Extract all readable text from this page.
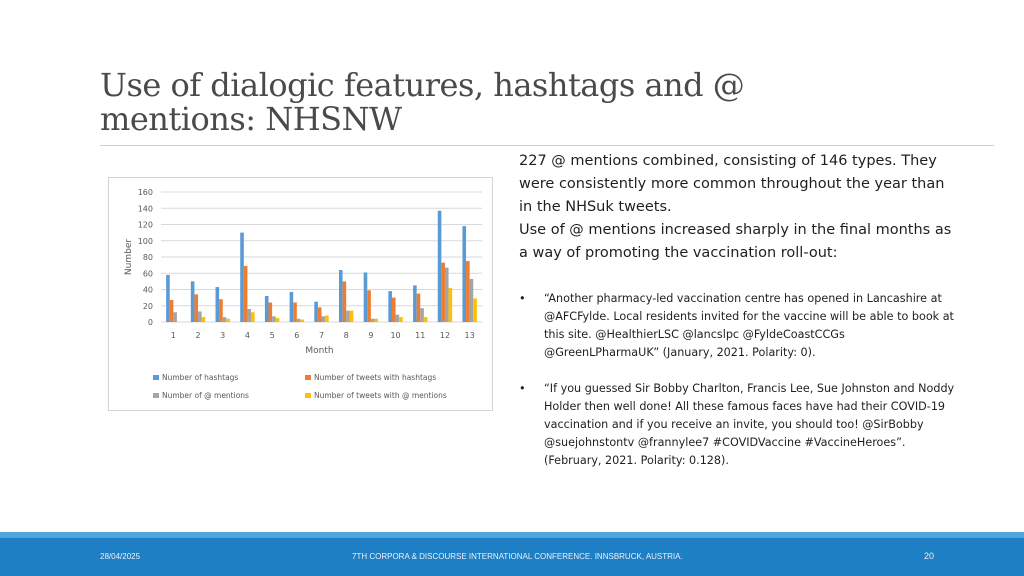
Use of dialogic features, hashtags and @ mentions: NHSNW
0
20
40
60
80
100
120
140
160
1 2 3 4 5 6 7 8 9 10 11 12 13
Month
Number
Number of hashtags	Number of tweets with hashtags
Number of @ mentions	Number of tweets with @ mentions

227 @ mentions combined, consisting of 146 types. They were consistently more common throughout the year than in the NHSuk tweets.

Use of @ mentions increased sharply in the final months as a way of promoting the vaccination roll-out:

• “Another pharmacy-led vaccination centre has opened in Lancashire at @AFCFylde. Local residents invited for the vaccine will be able to book at this site. @HealthierLSC @lancslpc @FyldeCoastCCGs @GreenLPharmaUK” (January, 2021. Polarity: 0).
• “If you guessed Sir Bobby Charlton, Francis Lee, Sue Johnston and Noddy Holder then well done! All these famous faces have had their COVID-19 vaccination and if you receive an invite, you should too! @SirBobby @suejohnstontv @frannylee7 #COVIDVaccine #VaccineHeroes”. (February, 2021. Polarity: 0.128).
28/04/2025	7TH CORPORA & DISCOURSE INTERNATIONAL CONFERENCE. INNSBRUCK, AUSTRIA.	20
